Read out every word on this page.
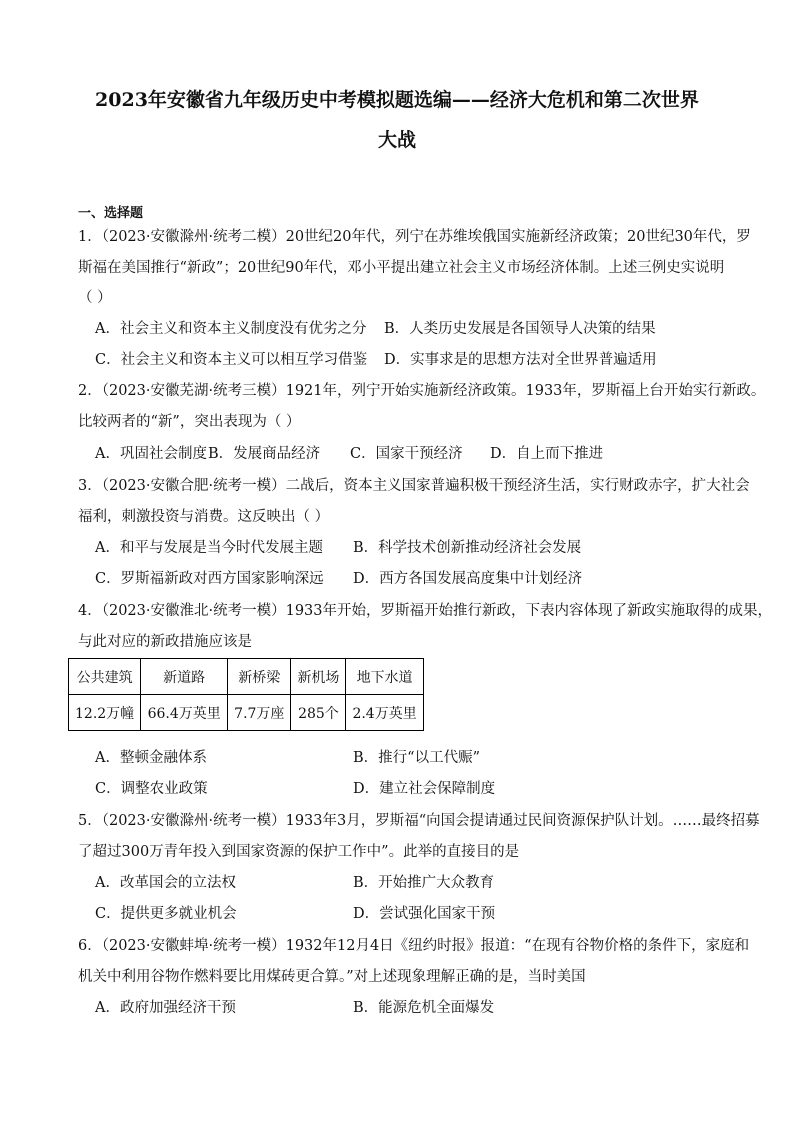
2023年安徽省九年级历史中考模拟题选编——经济大危机和第二次世界
大战
一、选择题
1．（2023·安徽滁州·统考二模）20世纪20年代，列宁在苏维埃俄国实施新经济政策；20世纪30年代，罗
斯福在美国推行“新政”；20世纪90年代，邓小平提出建立社会主义市场经济体制。上述三例史实说明
（ ）
A．社会主义和资本主义制度没有优劣之分 B．人类历史发展是各国领导人决策的结果
C．社会主义和资本主义可以相互学习借鉴 D．实事求是的思想方法对全世界普遍适用
2．（2023·安徽芜湖·统考三模）1921年，列宁开始实施新经济政策。1933年，罗斯福上台开始实行新政。
比较两者的“新”，突出表现为（ ）
A．巩固社会制度 B．发展商品经济 C．国家干预经济 D．自上而下推进
3．（2023·安徽合肥·统考一模）二战后，资本主义国家普遍积极干预经济生活，实行财政赤字，扩大社会
福利，刺激投资与消费。这反映出（ ）
A．和平与发展是当今时代发展主题 B．科学技术创新推动经济社会发展
C．罗斯福新政对西方国家影响深远 D．西方各国发展高度集中计划经济
4．（2023·安徽淮北·统考一模）1933年开始，罗斯福开始推行新政，下表内容体现了新政实施取得的成果，
与此对应的新政措施应该是
公共建筑	新道路	新桥梁	新机场	地下水道
12.2万幢	66.4万英里	7.7万座	285个	2.4万英里
A．整顿金融体系	B．推行“以工代赈”
C．调整农业政策	D．建立社会保障制度
5．（2023·安徽滁州·统考一模）1933年3月，罗斯福“向国会提请通过民间资源保护队计划。……最终招募
了超过300万青年投入到国家资源的保护工作中”。此举的直接目的是
A．改革国会的立法权	B．开始推广大众教育
C．提供更多就业机会	D．尝试强化国家干预
6．（2023·安徽蚌埠·统考一模）1932年12月4日《纽约时报》报道：“在现有谷物价格的条件下，家庭和
机关中利用谷物作燃料要比用煤砖更合算。”对上述现象理解正确的是，当时美国
A．政府加强经济干预	B．能源危机全面爆发
